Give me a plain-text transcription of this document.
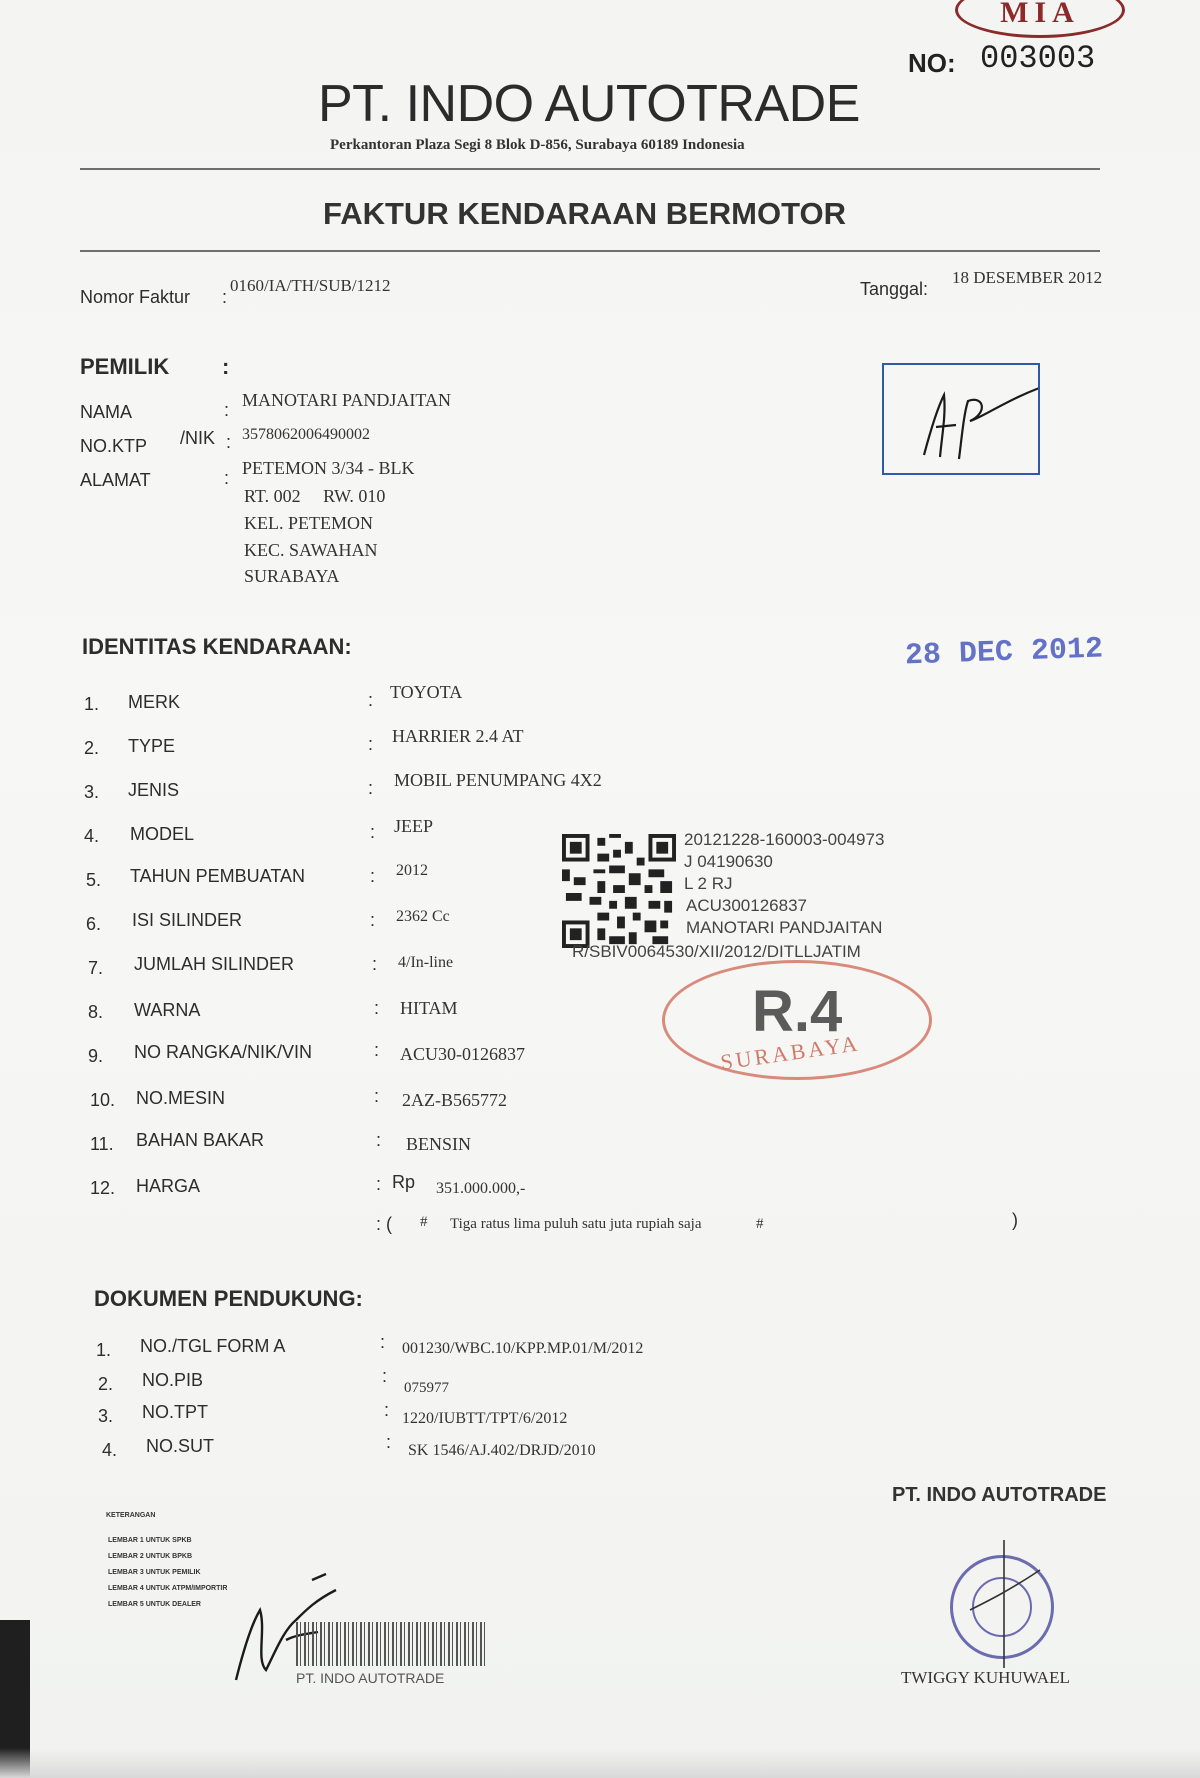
MIA
NO: 003003
PT. INDO AUTOTRADE
Perkantoran Plaza Segi 8 Blok D-856, Surabaya 60189 Indonesia
FAKTUR KENDARAAN BERMOTOR
Nomor Faktur :
0160/IA/TH/SUB/1212	Tanggal:
18 DESEMBER 2012
PEMILIK :
NAMA	: MANOTARI PANDJAITAN
NO.KTP /NIK : 3578062006490002
ALAMAT	: PETEMON 3/34 - BLK
RT. 002     RW. 010
KEL. PETEMON
KEC. SAWAHAN
SURABAYA
IDENTITAS KENDARAAN:	28 DEC 2012
1. MERK	: TOYOTA
2. TYPE	: HARRIER 2.4 AT
3. JENIS	: MOBIL PENUMPANG 4X2
4. MODEL	: JEEP
5. TAHUN PEMBUATAN	: 2012
6. ISI SILINDER	: 2362 Cc
7. JUMLAH SILINDER	: 4/In-line
8. WARNA	: HITAM
9. NO RANGKA/NIK/VIN	: ACU30-0126837
10. NO.MESIN	: 2AZ-B565772
11. BAHAN BAKAR	: BENSIN
12. HARGA	: Rp 351.000.000,-
: ( # Tiga ratus lima puluh satu juta rupiah saja	#	)
20121228-160003-004973
J 04190630
L 2 RJ
ACU300126837
MANOTARI PANDJAITAN
R/SBIV0064530/XII/2012/DITLLJATIM
R.4
SURABAYA
DOKUMEN PENDUKUNG:
1. NO./TGL FORM A	: 001230/WBC.10/KPP.MP.01/M/2012
2. NO.PIB	:
075977
3. NO.TPT	: 1220/IUBTT/TPT/6/2012
4. NO.SUT	: SK 1546/AJ.402/DRJD/2010
KETERANGAN
LEMBAR 1 UNTUK SPKB
LEMBAR 2 UNTUK BPKB
LEMBAR 3 UNTUK PEMILIK
LEMBAR 4 UNTUK ATPM/IMPORTIR
LEMBAR 5 UNTUK DEALER
PT. INDO AUTOTRADE
PT. INDO AUTOTRADE
TWIGGY KUHUWAEL
